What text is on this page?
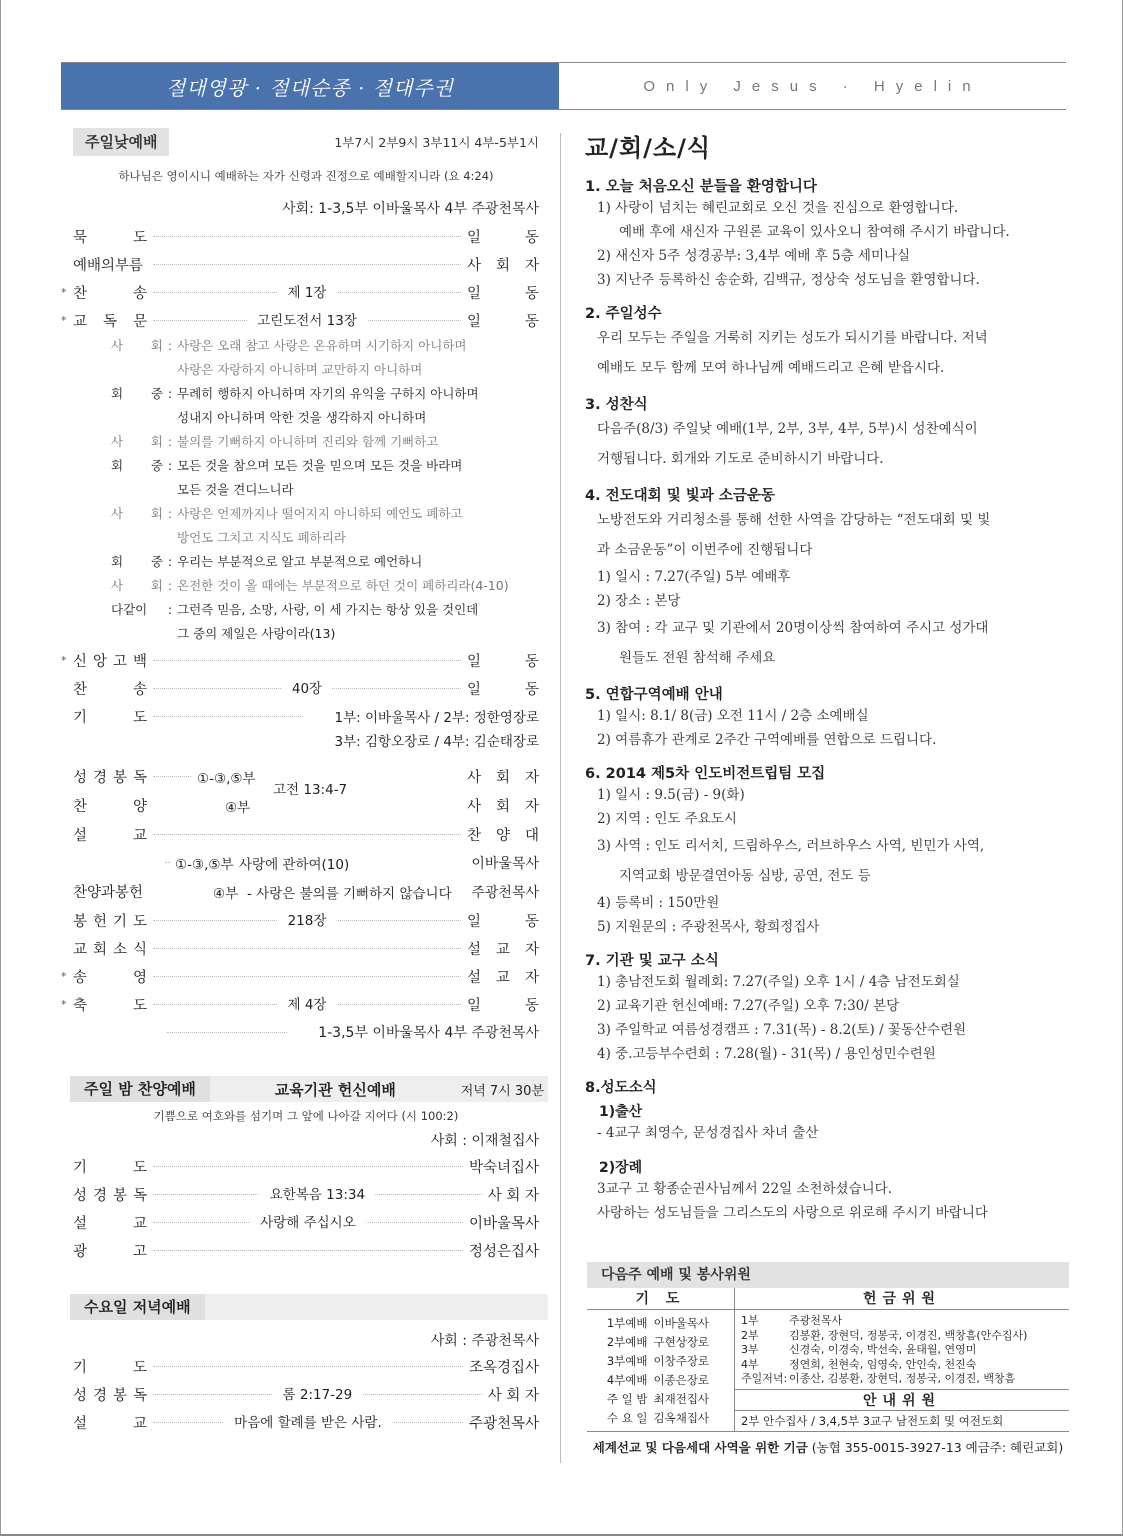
절대영광 · 절대순종 · 절대주권	Only Jesus · Hyelin
주일낮예배	1부7시 2부9시 3부11시 4부-5부1시
하나님은 영이시니 예배하는 자가 신령과 진정으로 예배할지니라 (요 4:24)
사회: 1-3,5부 이바울목사 4부 주광천목사
묵	도	일	동
예배의부름	사 회 자
* 찬	송	제 1장	일	동
* 교 독 문	고린도전서 13장	일	동
사 회 : 사랑은 오래 참고 사랑은 온유하며 시기하지 아니하며
사랑은 자랑하지 아니하며 교만하지 아니하며
회 중 : 무례히 행하지 아니하며 자기의 유익을 구하지 아니하며
성내지 아니하며 악한 것을 생각하지 아니하며
사 회 : 불의를 기뻐하지 아니하며 진리와 함께 기뻐하고
회 중 : 모든 것을 참으며 모든 것을 믿으며 모든 것을 바라며
모든 것을 견디느니라
사 회 : 사랑은 언제까지나 떨어지지 아니하되 예언도 폐하고
방언도 그치고 지식도 폐하리라
회 중 : 우리는 부분적으로 알고 부분적으로 예언하니
사 회 : 온전한 것이 올 때에는 부분적으로 하던 것이 폐하리라(4-10)
다같이	: 그런즉 믿음, 소망, 사랑, 이 세 가지는 항상 있을 것인데
그 중의 제일은 사랑이라(13)
* 신 앙 고 백	일	동
찬	송	40장	일	동
기	도	1부: 이바울목사 / 2부: 정한영장로
3부: 김항오장로 / 4부: 김순태장로
성 경 봉 독	①-③,⑤부	사 회 자
찬	양	④부	사 회 자
고전 13:4-7
설	교	찬 양 대
①-③,⑤부 사랑에 관하여(10)	이바울목사
찬양과봉헌	④부 - 사랑은 불의를 기뻐하지 않습니다	주광천목사
봉 헌 기 도	218장	일	동
교 회 소 식	설 교 자
* 송	영	설 교 자
* 축	도	제 4장	일	동
1-3,5부 이바울목사 4부 주광천목사
주일 밤 찬양예배	교육기관 헌신예배	저녁 7시 30분
기쁨으로 여호와를 섬기며 그 앞에 나아갈 지어다 (시 100:2)
사회 : 이재철집사
기	도	박숙녀집사
성 경 봉 독	요한복음 13:34	사 회 자
설	교	사랑해 주십시오	이바울목사
광	고	정성은집사
수요일 저녁예배
사회 : 주광천목사
기	도	조옥경집사
성 경 봉 독	롬 2:17-29	사 회 자
설	교	마음에 할례를 받은 사람.	주광천목사
교/회/소/식
1. 오늘 처음오신 분들을 환영합니다
1) 사랑이 넘치는 혜린교회로 오신 것을 진심으로 환영합니다.
예배 후에 새신자 구원론 교육이 있사오니 참여해 주시기 바랍니다.
2) 새신자 5주 성경공부: 3,4부 예배 후 5층 세미나실
3) 지난주 등록하신 송순화, 김백규, 정상숙 성도님을 환영합니다.
2. 주일성수
우리 모두는 주일을 거룩히 지키는 성도가 되시기를 바랍니다. 저녁
예배도 모두 함께 모여 하나님께 예배드리고 은혜 받읍시다.
3. 성찬식
다음주(8/3) 주일낮 예배(1부, 2부, 3부, 4부, 5부)시 성찬예식이
거행됩니다. 회개와 기도로 준비하시기 바랍니다.
4. 전도대회 및 빛과 소금운동
노방전도와 거리청소를 통해 선한 사역을 감당하는 “전도대회 및 빛
과 소금운동”이 이번주에 진행됩니다
1) 일시 : 7.27(주일) 5부 예배후
2) 장소 : 본당
3) 참여 : 각 교구 및 기관에서 20명이상씩 참여하여 주시고 성가대
원들도 전원 참석해 주세요
5. 연합구역예배 안내
1) 일시: 8.1/ 8(금) 오전 11시 / 2층 소예배실
2) 여름휴가 관계로 2주간 구역예배를 연합으로 드립니다.
6. 2014 제5차 인도비전트립팀 모집
1) 일시 : 9.5(금) - 9(화)
2) 지역 : 인도 주요도시
3) 사역 : 인도 리서치, 드림하우스, 러브하우스 사역, 빈민가 사역,
지역교회 방문결연아동 심방, 공연, 전도 등
4) 등록비 : 150만원
5) 지원문의 : 주광천목사, 황희정집사
7. 기관 및 교구 소식
1) 총남전도회 월례회: 7.27(주일) 오후 1시 / 4층 남전도회실
2) 교육기관 헌신예배: 7.27(주일) 오후 7:30/ 본당
3) 주일학교 여름성경캠프 : 7.31(목) - 8.2(토) / 꽃동산수련원
4) 중.고등부수련회 : 7.28(월) - 31(목) / 용인성민수련원
8.성도소식
1)출산
- 4교구 최영수, 문성경집사 차녀 출산
2)장례
3교구 고 황종순권사님께서 22일 소천하셨습니다.
사랑하는 성도님들을 그리스도의 사랑으로 위로해 주시기 바랍니다
다음주 예배 및 봉사위원
기 도
1부예배 이바울목사
2부예배 구현상장로
3부예배 이창주장로
4부예배 이종은장로
주 일 밤 최재전집사
수 요 일 김옥채집사
헌금위원
1부	주광천목사
2부	김봉환, 장현덕, 정봉국, 이경진, 백창흠(안수집사)
3부	신경숙, 이경숙, 박선숙, 윤태월, 연영미
4부	정연희, 천현숙, 임영숙, 안인숙, 천진숙
주일저녁: 이종산, 김봉환, 장현덕, 정봉국, 이경진, 백창흠
안내위원
2부 안수집사 / 3,4,5부 3교구 남전도회 및 여전도회
세계선교 및 다음세대 사역을 위한 기금 (농협 355-0015-3927-13 예금주: 혜린교회)
